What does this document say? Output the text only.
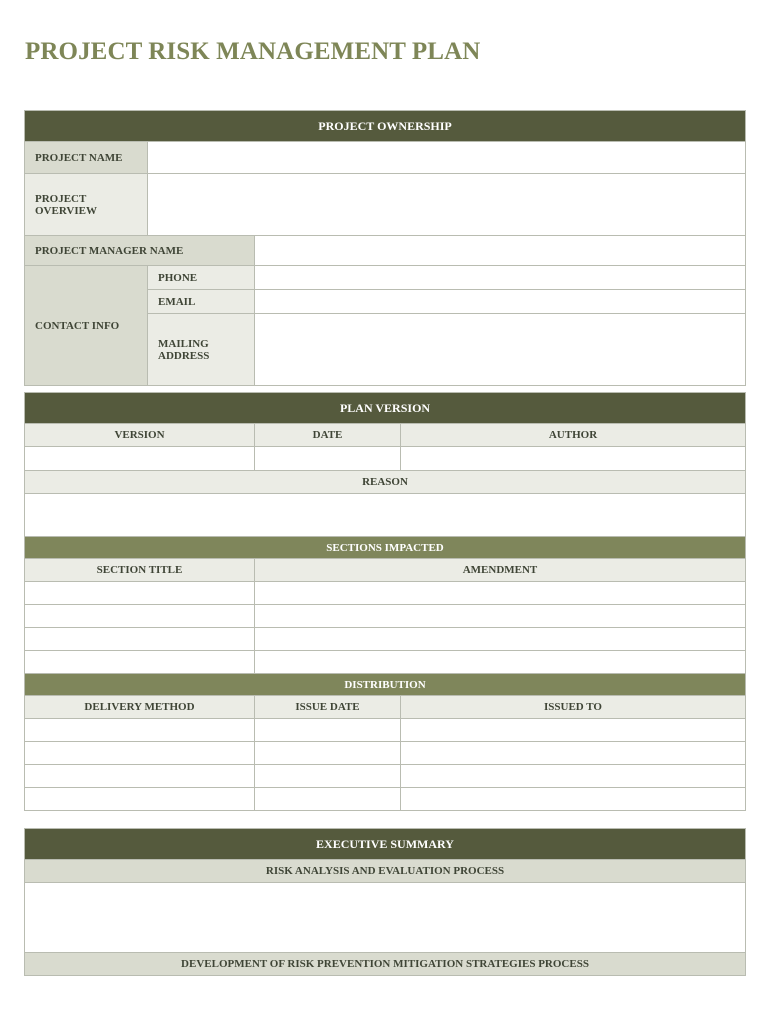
PROJECT RISK MANAGEMENT PLAN
PROJECT OWNERSHIP		
PROJECT NAME		
PROJECT OVERVIEW		
PROJECT MANAGER NAME		
CONTACT INFO	PHONE	
	EMAIL	
	MAILING ADDRESS	
PLAN VERSION		
VERSION	DATE	AUTHOR

REASON		

SECTIONS IMPACTED		
SECTION TITLE	AMENDMENT	

DISTRIBUTION		
DELIVERY METHOD	ISSUE DATE	ISSUED TO

EXECUTIVE SUMMARY
RISK ANALYSIS AND EVALUATION PROCESS

DEVELOPMENT OF RISK PREVENTION MITIGATION STRATEGIES PROCESS
